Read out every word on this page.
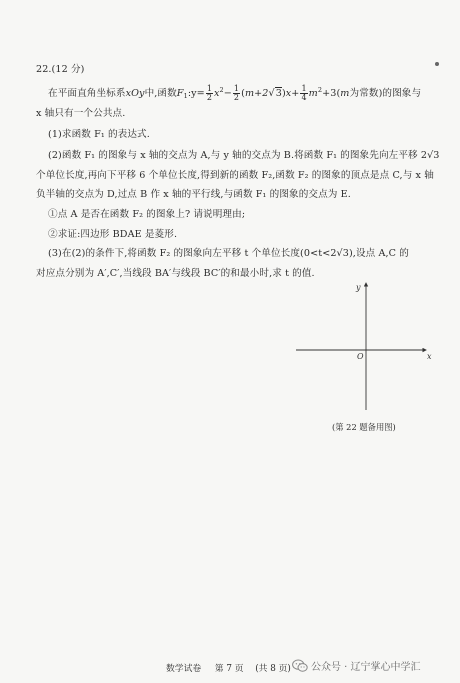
22.(12 分)
在平面直角坐标系xOy中,函数$F_1:y= \frac{1}{2} x^2- \frac{1}{2} (m+2√3)x+ \frac{1}{4} m^2+3(m$为常数)的图象与
x 轴只有一个公共点.
(1)求函数 F₁ 的表达式.
(2)函数 F₁ 的图象与 x 轴的交点为 A,与 y 轴的交点为 B.将函数 F₁ 的图象先向左平移 2√3
个单位长度,再向下平移 6 个单位长度,得到新的函数 F₂,函数 F₂ 的图象的顶点是点 C,与 x 轴
负半轴的交点为 D,过点 B 作 x 轴的平行线,与函数 F₁ 的图象的交点为 E.
①点 A 是否在函数 F₂ 的图象上? 请说明理由;
②求证:四边形 BDAE 是菱形.
(3)在(2)的条件下,将函数 F₂ 的图象向左平移 t 个单位长度(0<t<2√3),设点 A,C 的
对应点分别为 A′,C′,当线段 BA′与线段 BC′的和最小时,求 t 的值.
y
x
O
(第 22 题备用图)
数学试卷 第 7 页 (共 8 页)	公众号 · 辽宁掌心中学汇
